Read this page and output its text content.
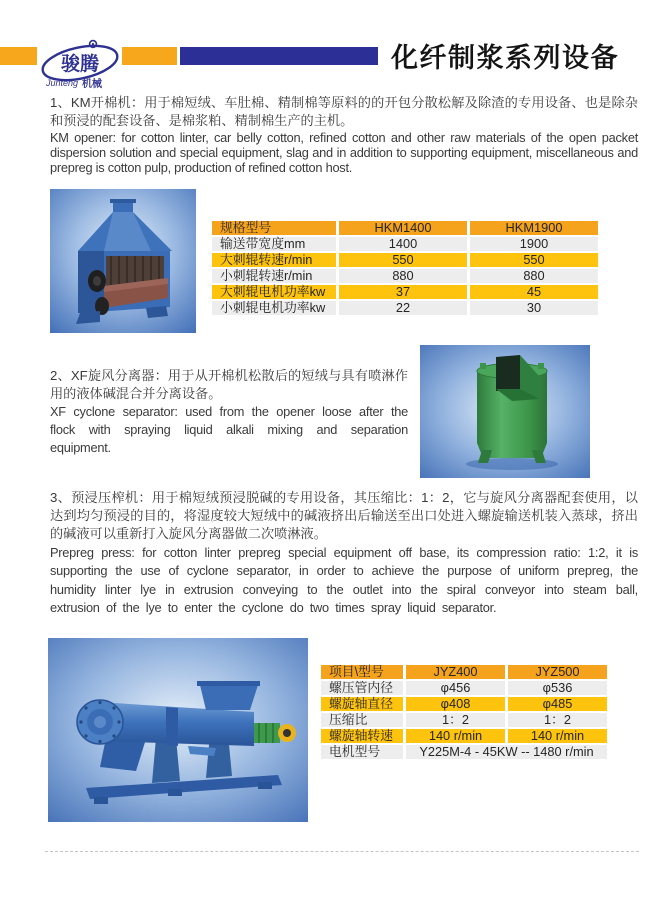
骏腾
Junteng 机械
化纤制浆系列设备

1、KM开棉机：用于棉短绒、车肚棉、精制棉等原料的的开包分散松解及除渣的专用设备、也是除杂和预浸的配套设备、是棉浆粕、精制棉生产的主机。

KM opener: for cotton linter, car belly cotton, refined cotton and other raw materials of the open packet dispersion solution and special equipment, slag and in addition to supporting equipment, miscellaneous and prepreg is cotton pulp, production of refined cotton host.

规格型号	HKM1400	HKM1900
输送带宽度mm	1400	1900
大刺辊转速r/min	550	550
小刺辊转速r/min	880	880
大刺辊电机功率kw	37	45
小刺辊电机功率kw	22	30

2、XF旋风分离器：用于从开棉机松散后的短绒与具有喷淋作用的液体碱混合并分离设备。

XF cyclone separator: used from the opener loose after the flock with spraying liquid alkali mixing and separation equipment.

3、预浸压榨机：用于棉短绒预浸脱碱的专用设备，其压缩比：1：2，它与旋风分离器配套使用，以达到均匀预浸的目的，将湿度较大短绒中的碱液挤出后输送至出口处进入螺旋输送机装入蒸球，挤出的碱液可以重新打入旋风分离器做二次喷淋液。

Prepreg press: for cotton linter prepreg special equipment off base, its compression ratio: 1:2, it is supporting the use of cyclone separator, in order to achieve the purpose of uniform prepreg, the humidity linter lye in extrusion conveying to the outlet into the spiral conveyor into steam ball, extrusion of the lye to enter the cyclone do two times spray liquid separator.

项目\型号	JYZ400	JYZ500
螺压管内径	φ456	φ536
螺旋轴直径	φ408	φ485
压缩比	1：2	1：2
螺旋轴转速	140 r/min	140 r/min
电机型号	Y225M-4 - 45KW -- 1480 r/min	
